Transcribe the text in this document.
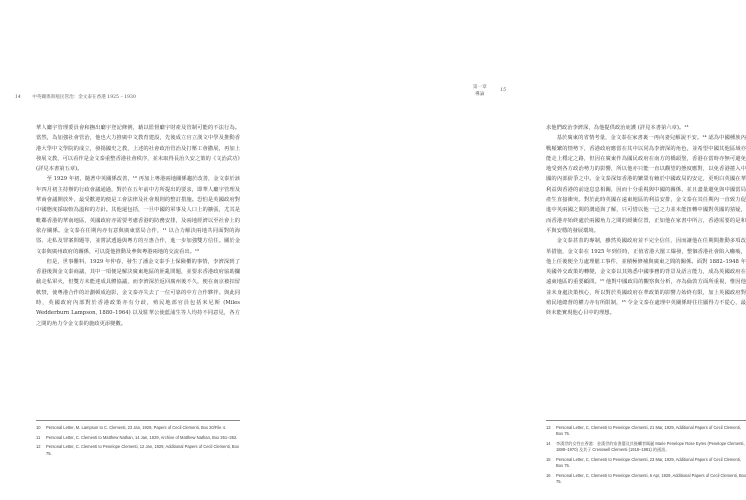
14 中英關係與殖民管治：金文泰在香港 1925 – 1930

華人廳宇管理委員會和撫出廳宇登記條例，藉以監督廳宇財產及管制可能的不法行為。當然，為加強社會管治，他也大力推廣中文教育建設，先後成立官立漢文中學及推動香港大學中文學院的成立，發揚國史之教，上述的社會政治管治及打壓工會撒展，再加上發展文教，可以看作是金文泰重整香港社會秩序，並未取得長治久安之策的《文治武功》(詳見本書第五章)。

至 1929 年初，隨著中英關係改善，¹⁰ 再加上粵港兩地關係趨於改善，金文泰於該年四月初主持辦的行政會議通過，對於在五年前中方所提出的要求，即華人廳宇管理及華商會議開放外，最受歡迎的便是工會法律及社會規則的整訂措施。恐怕是英國政府對中國態度採取較為溫和的方針。其他還包括，一旦中國的軍事及人口上的擴張，尤其是毗鄰香港的華南地區，英國政府亦需要考慮香港的防務安排，及兩地經濟以至社會上的依存關係。金文泰在任期內亦有意與廣東當局合作，¹¹ 以合力解決兩地共同面對的海盜、走私及罪案問題等，並嘗試透過與粵方的互惠合作，進一步加強雙方信任。關於金文泰與廣州政府的關係，可以從他推動及參與粵港兩地的交流看出。¹²

但是，世事難料，1929 年仲春，發生了潘金文泰手上保險櫃的事情，李濟深到了香港後與金文泰商議，其中一項便是解決廣東地區的匪亂問題，並要求香港政府協助攔截走私軍火，但雙方未能達成具體協議，而李濟深於返回廣州後不久，便在南京被扣留軟禁，使粵港合作的計劃頓成泡影，金文泰亦失去了一位可靠的中方合作夥伴。與此同時，英國政府內部對於香港政策亦有分歧，殖民地部官員包括米尼斯 (Miles Wedderburn Lampson, 1880–1964) 以及駐華公使藍浦生等人均持不同意見，各方之間的角力令金文泰的施政更添變數。

10	Personal Letter, M. Lampson to C. Clementi, 23 Jan, 1929, Papers of Cecil Clementi, Box 20/File 4.
11	Personal Letter, C. Clementi to Matthew Nathan, 14 Jan, 1929, Archive of Matthew Nathan, Box 351–352.
12	Personal Letter, C. Clementi to Penelope Clementi, 12 Jan, 1929, Additional Papers of Cecil Clementi, Box 75.
第一章
導論 15

求他們政治李濟深，為他提供政治庇護 (詳見本書第六章)。¹³

基於廣東的省情考量，金文泰在家書裏一再向妻兒解說不安。¹⁴ 認為中國種族內戰頻繁的情勢下，香港政府應當在其中以同為李濟深的角色，並希望中國其他區域亦能走上穩定之路，但因在廣東作為國民政府在南方的橋頭堡，香港在當時亦無可避免地受到各方政治勢力的影響，所以他亦只能一直以觀望的態度應對，以免香港捲入中國的內部紛爭之中。金文泰深知香港的繁榮有賴於中國政局的安定，更明白英國在華利益與香港的前途息息相關，因而十分重視與中國的關係，並且盡量避免與中國當局產生直接衝突。對於此時英國在遠東地區的利益安排，金文泰在其任期內一直致力促進中英兩國之間的溝通與了解，只可惜以他一己之力並未能扭轉中國對英國的猜疑，而香港亦始終處於兩國角力之間的緩衝位置，正如他在家書中所言，香港需要的是和平與安穩的發展環境。

金文泰甚表的專制，雖然英國政府並不完全信任，因而讓他在任期間推動多項改革措施，金文泰在 1925 年到任時，正值省港大罷工爆發，整個香港社會陷入癱瘓，他上任後便全力處理罷工事件，並積極修補與廣東之間的關係。面對 1882–1948 年英國外交政策的轉變，金文泰以其熟悉中國事務的背景及語言能力，成為英國政府在遠東地區的重要顧問。¹⁵ 他對中國政局的觀察與分析，亦為倫敦方面所重視，惟因他並未身處決策核心，所以對於英國政府在華政策的影響力始終有限，加上英國政府對殖民地總督的權力亦有所限制，¹⁶ 令金文泰在處理中英關係時往往顯得力不從心，最終未能實現他心目中的理想。

13	Personal Letter, C. Clementi to Penelope Clementi, 21 Mar, 1929, Additional Papers of Cecil Clementi, Box 75.
14	李漢世的女性在香港：金漢世的家書選及其後繼者瑪麗 Marie Penelope Rose Eyres (Penelope Clementi, 1888–1970) 及其子 Cresswell Clementi (1918–1981) 的通訊。
15	Personal Letter, C. Clementi to Penelope Clementi, 23 Mar, 1929, Additional Papers of Cecil Clementi, Box 75.
16	Personal Letter, C. Clementi to Penelope Clementi, 6 Apr, 1929, Additional Papers of Cecil Clementi, Box 75.
